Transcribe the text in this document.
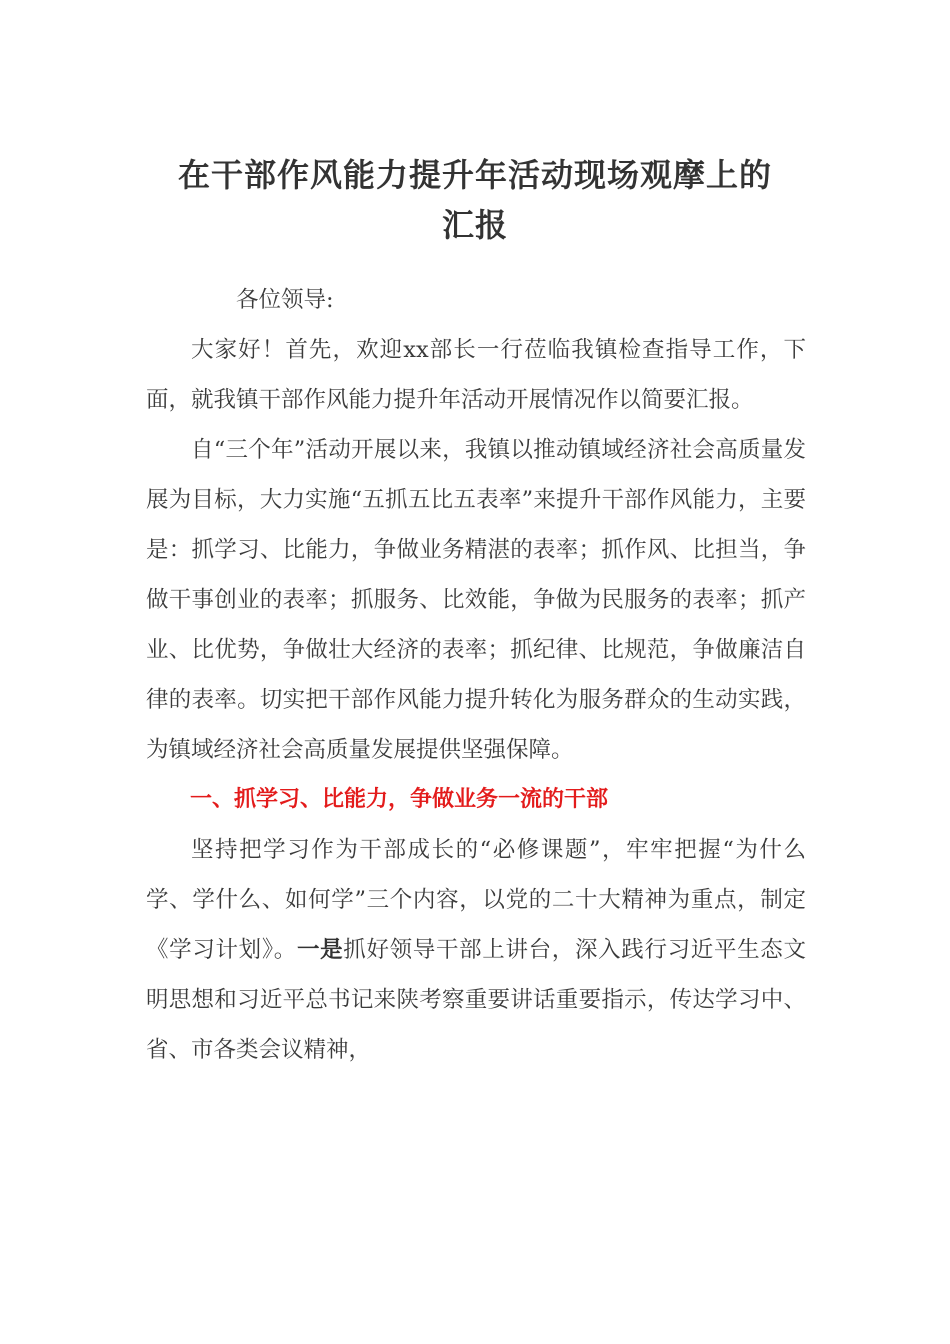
在干部作风能力提升年活动现场观摩上的
汇报

各位领导:

大家好！首先，欢迎xx部长一行莅临我镇检查指导工作，下面，就我镇干部作风能力提升年活动开展情况作以简要汇报。

自“三个年”活动开展以来，我镇以推动镇域经济社会高质量发展为目标，大力实施“五抓五比五表率”来提升干部作风能力，主要是：抓学习、比能力，争做业务精湛的表率；抓作风、比担当，争做干事创业的表率；抓服务、比效能，争做为民服务的表率；抓产业、比优势，争做壮大经济的表率；抓纪律、比规范，争做廉洁自律的表率。切实把干部作风能力提升转化为服务群众的生动实践，为镇域经济社会高质量发展提供坚强保障。

一、抓学习、比能力，争做业务一流的干部

坚持把学习作为干部成长的“必修课题”，牢牢把握“为什么学、学什么、如何学”三个内容，以党的二十大精神为重点，制定《学习计划》。一是抓好领导干部上讲台，深入践行习近平生态文明思想和习近平总书记来陕考察重要讲话重要指示，传达学习中、省、市各类会议精神，
